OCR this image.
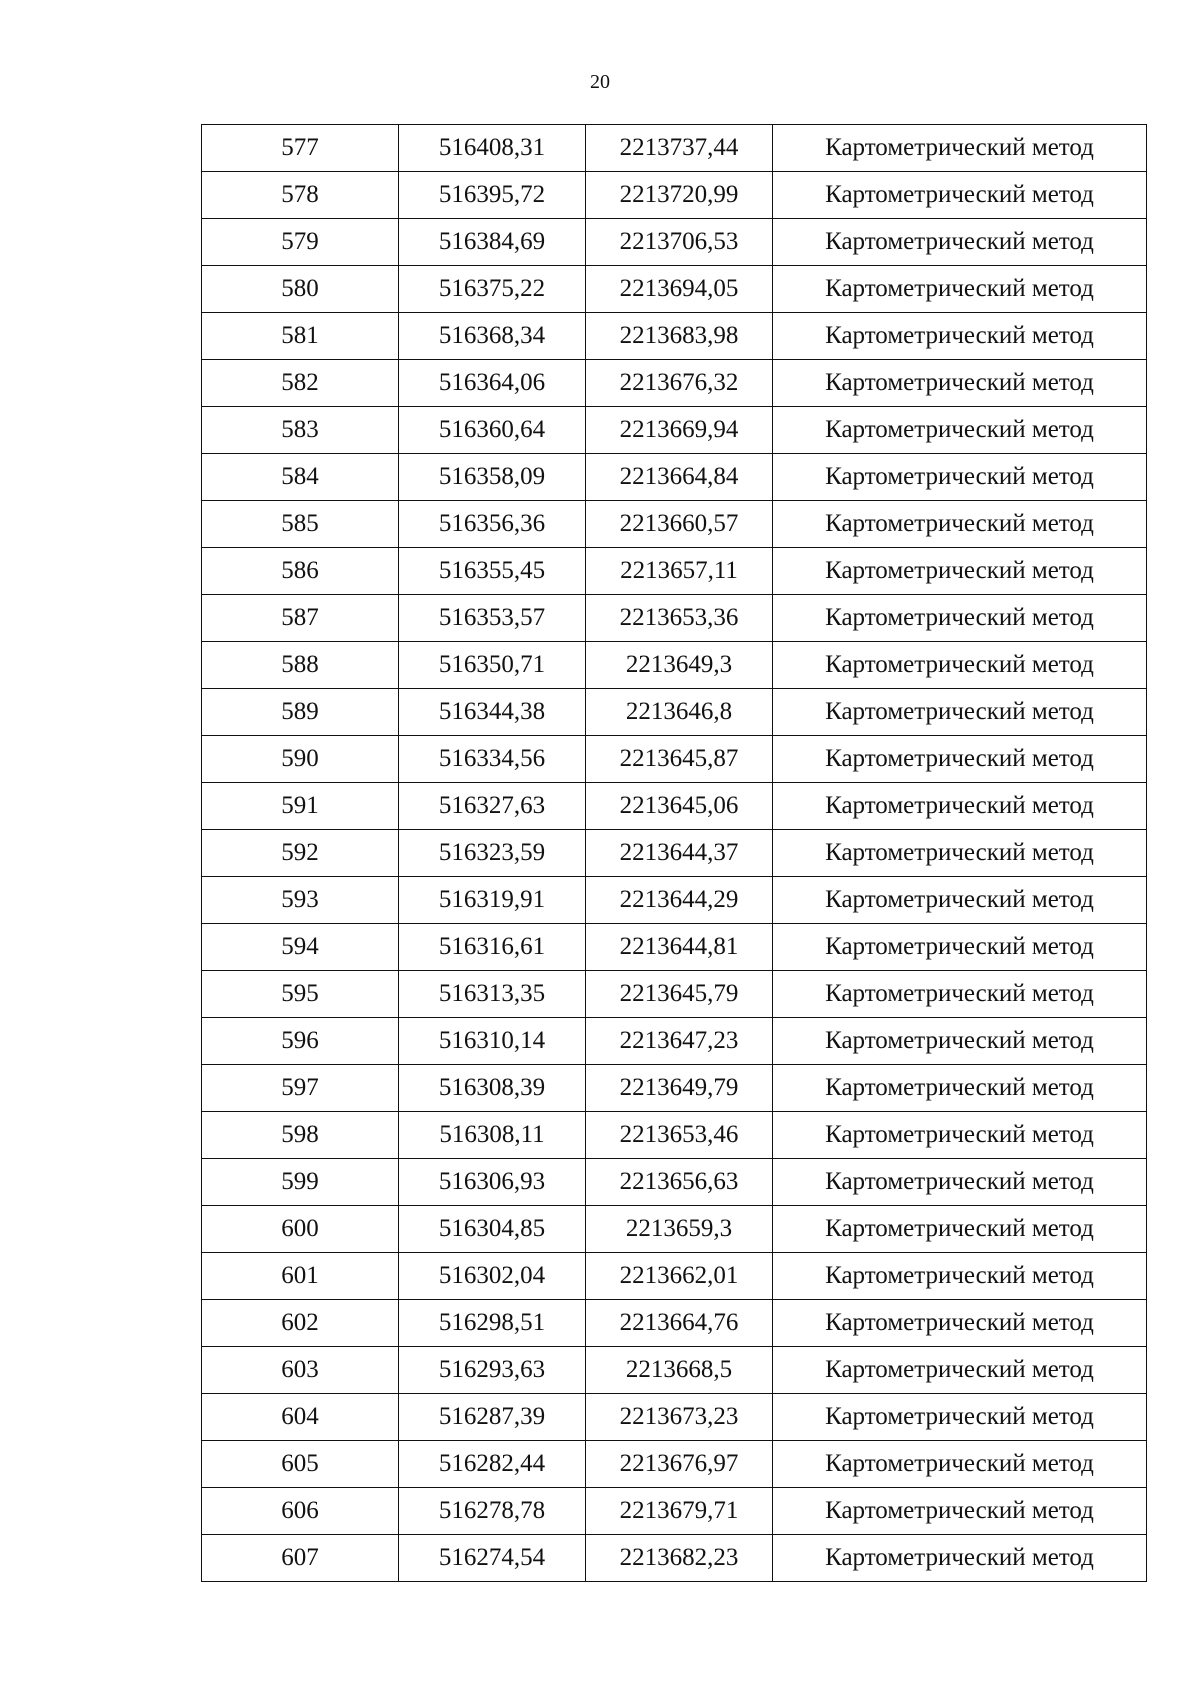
20
577	516408,31	2213737,44	Картометрический метод
578	516395,72	2213720,99	Картометрический метод
579	516384,69	2213706,53	Картометрический метод
580	516375,22	2213694,05	Картометрический метод
581	516368,34	2213683,98	Картометрический метод
582	516364,06	2213676,32	Картометрический метод
583	516360,64	2213669,94	Картометрический метод
584	516358,09	2213664,84	Картометрический метод
585	516356,36	2213660,57	Картометрический метод
586	516355,45	2213657,11	Картометрический метод
587	516353,57	2213653,36	Картометрический метод
588	516350,71	2213649,3	Картометрический метод
589	516344,38	2213646,8	Картометрический метод
590	516334,56	2213645,87	Картометрический метод
591	516327,63	2213645,06	Картометрический метод
592	516323,59	2213644,37	Картометрический метод
593	516319,91	2213644,29	Картометрический метод
594	516316,61	2213644,81	Картометрический метод
595	516313,35	2213645,79	Картометрический метод
596	516310,14	2213647,23	Картометрический метод
597	516308,39	2213649,79	Картометрический метод
598	516308,11	2213653,46	Картометрический метод
599	516306,93	2213656,63	Картометрический метод
600	516304,85	2213659,3	Картометрический метод
601	516302,04	2213662,01	Картометрический метод
602	516298,51	2213664,76	Картометрический метод
603	516293,63	2213668,5	Картометрический метод
604	516287,39	2213673,23	Картометрический метод
605	516282,44	2213676,97	Картометрический метод
606	516278,78	2213679,71	Картометрический метод
607	516274,54	2213682,23	Картометрический метод
